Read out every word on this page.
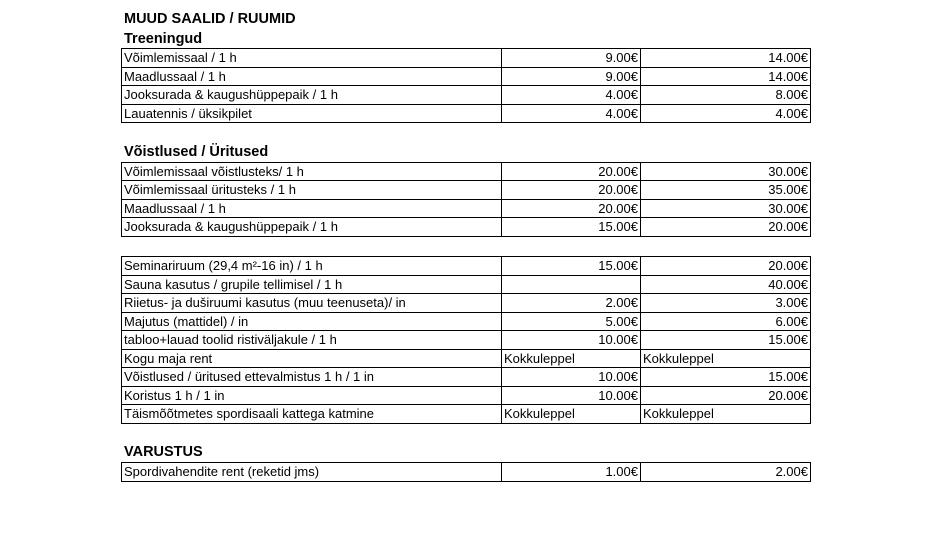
MUUD SAALID / RUUMID
Treeningud
Võimlemissaal / 1 h	9.00€	14.00€
Maadlussaal / 1 h	9.00€	14.00€
Jooksurada & kaugushüppepaik / 1 h	4.00€	8.00€
Lauatennis / üksikpilet	4.00€	4.00€
Võistlused / Üritused
Võimlemissaal võistlusteks/ 1 h	20.00€	30.00€
Võimlemissaal üritusteks / 1 h	20.00€	35.00€
Maadlussaal / 1 h	20.00€	30.00€
Jooksurada & kaugushüppepaik / 1 h	15.00€	20.00€
Seminariruum (29,4 m²-16 in) / 1 h	15.00€	20.00€
Sauna kasutus / grupile tellimisel / 1 h		40.00€
Riietus- ja duširuumi kasutus (muu teenuseta)/ in	2.00€	3.00€
Majutus (mattidel) / in	5.00€	6.00€
tabloo+lauad toolid ristiväljakule / 1 h	10.00€	15.00€
Kogu maja rent	Kokkuleppel	Kokkuleppel
Võistlused / üritused ettevalmistus 1 h / 1 in	10.00€	15.00€
Koristus 1 h / 1 in	10.00€	20.00€
Täismõõtmetes spordisaali kattega katmine	Kokkuleppel	Kokkuleppel
VARUSTUS
Spordivahendite rent (reketid jms)	1.00€	2.00€
